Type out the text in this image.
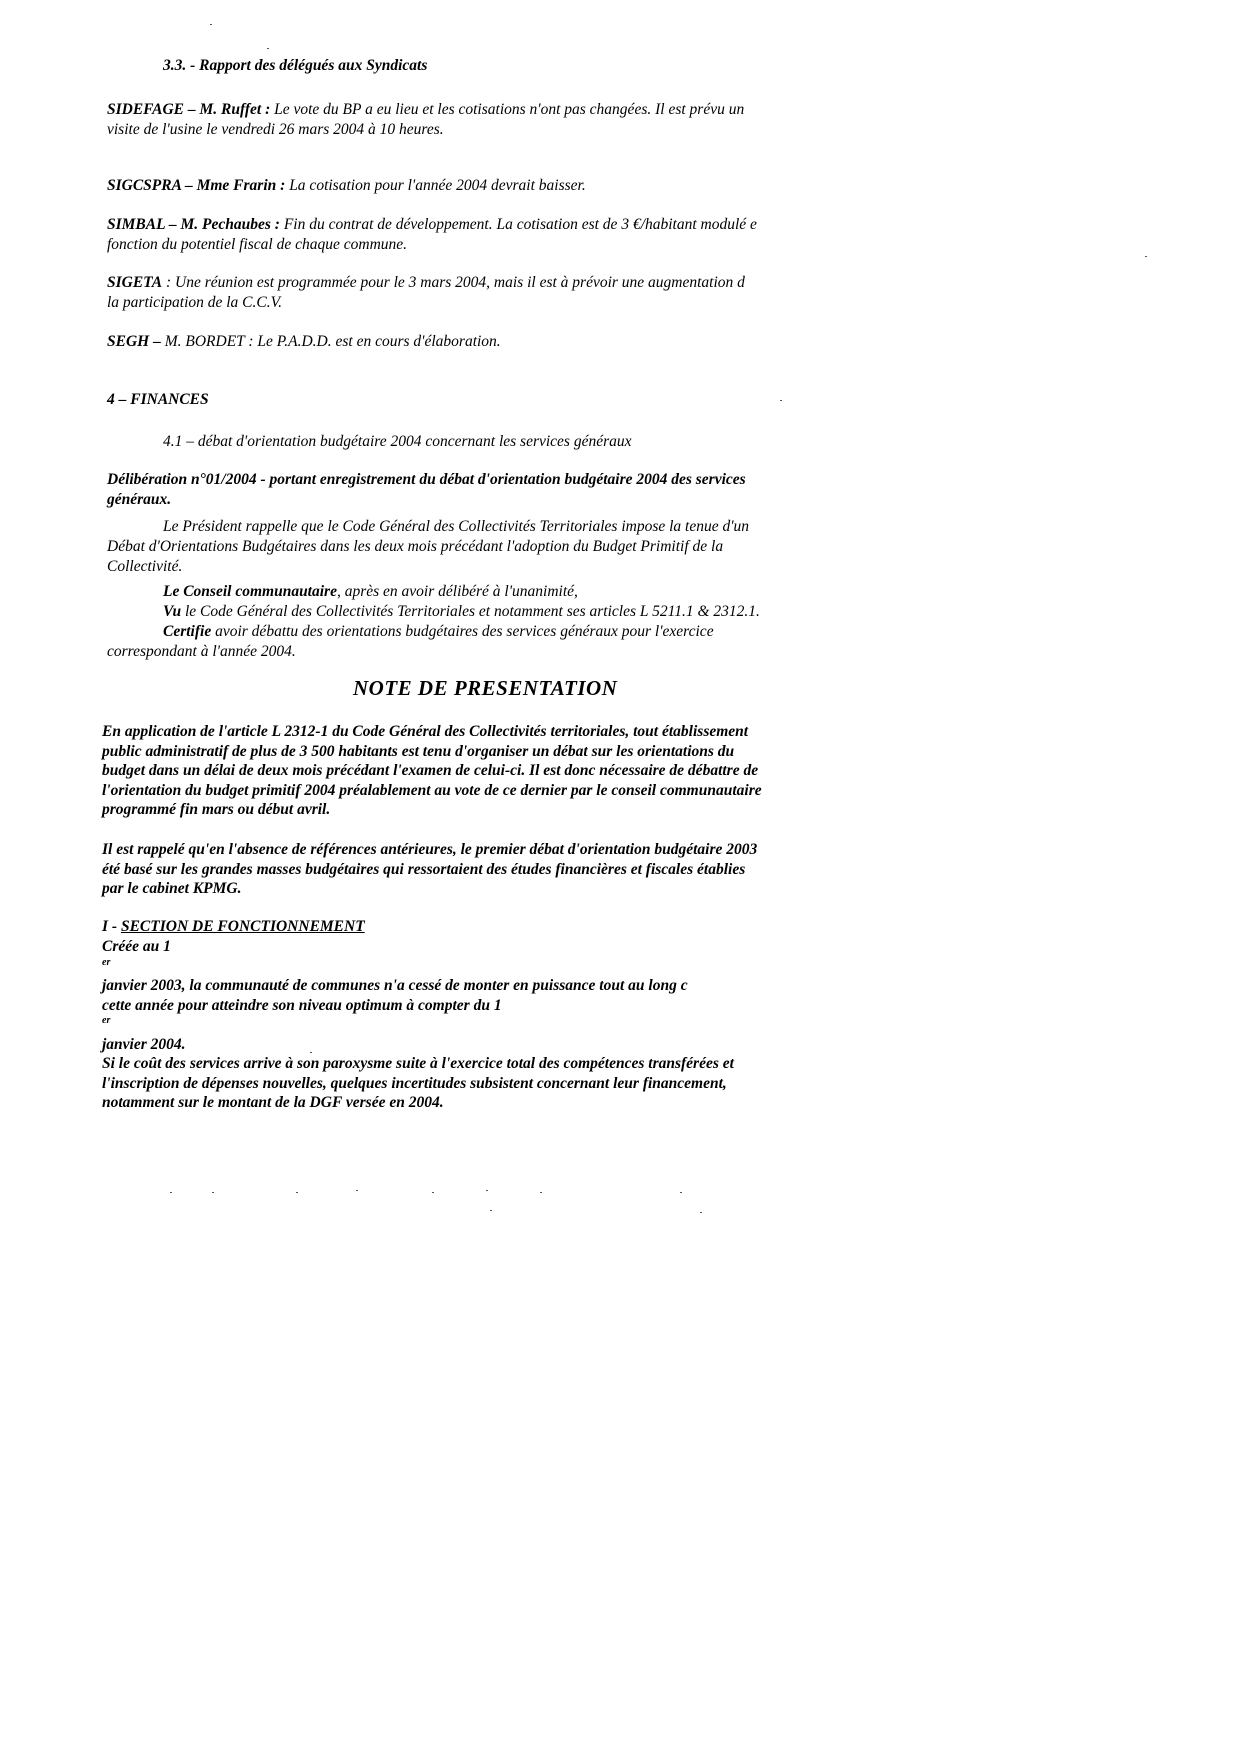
3.3. - Rapport des délégués aux Syndicats
SIDEFAGE – M. Ruffet : Le vote du BP a eu lieu et les cotisations n'ont pas changées. Il est prévu un
visite de l'usine le vendredi 26 mars 2004 à 10 heures.
SIGCSPRA – Mme Frarin : La cotisation pour l'année 2004 devrait baisser.
SIMBAL – M. Pechaubes : Fin du contrat de développement. La cotisation est de 3 €/habitant modulé e
fonction du potentiel fiscal de chaque commune.
SIGETA : Une réunion est programmée pour le 3 mars 2004, mais il est à prévoir une augmentation d
la participation de la C.C.V.
SEGH – M. BORDET : Le P.A.D.D. est en cours d'élaboration.
4 – FINANCES
4.1 – débat d'orientation budgétaire 2004 concernant les services généraux
Délibération n°01/2004 - portant enregistrement du débat d'orientation budgétaire 2004 des services
généraux.
Le Président rappelle que le Code Général des Collectivités Territoriales impose la tenue d'un
Débat d'Orientations Budgétaires dans les deux mois précédant l'adoption du Budget Primitif de la
Collectivité.
Le Conseil communautaire, après en avoir délibéré à l'unanimité,
Vu le Code Général des Collectivités Territoriales et notamment ses articles L 5211.1 & 2312.1.
Certifie avoir débattu des orientations budgétaires des services généraux pour l'exercice
correspondant à l'année 2004.
NOTE DE PRESENTATION
En application de l'article L 2312-1 du Code Général des Collectivités territoriales, tout établissement
public administratif de plus de 3 500 habitants est tenu d'organiser un débat sur les orientations du
budget dans un délai de deux mois précédant l'examen de celui-ci. Il est donc nécessaire de débattre de
l'orientation du budget primitif 2004 préalablement au vote de ce dernier par le conseil communautaire
programmé fin mars ou début avril.
Il est rappelé qu'en l'absence de références antérieures, le premier débat d'orientation budgétaire 2003
été basé sur les grandes masses budgétaires qui ressortaient des études financières et fiscales établies
par le cabinet KPMG.
I - SECTION DE FONCTIONNEMENT
Créée au 1
$^{er}$
janvier 2003, la communauté de communes n'a cessé de monter en puissance tout au long c
cette année pour atteindre son niveau optimum à compter du 1
$^{er}$
janvier 2004.
Si le coût des services arrive à son paroxysme suite à l'exercice total des compétences transférées et
l'inscription de dépenses nouvelles, quelques incertitudes subsistent concernant leur financement,
notamment sur le montant de la DGF versée en 2004.
